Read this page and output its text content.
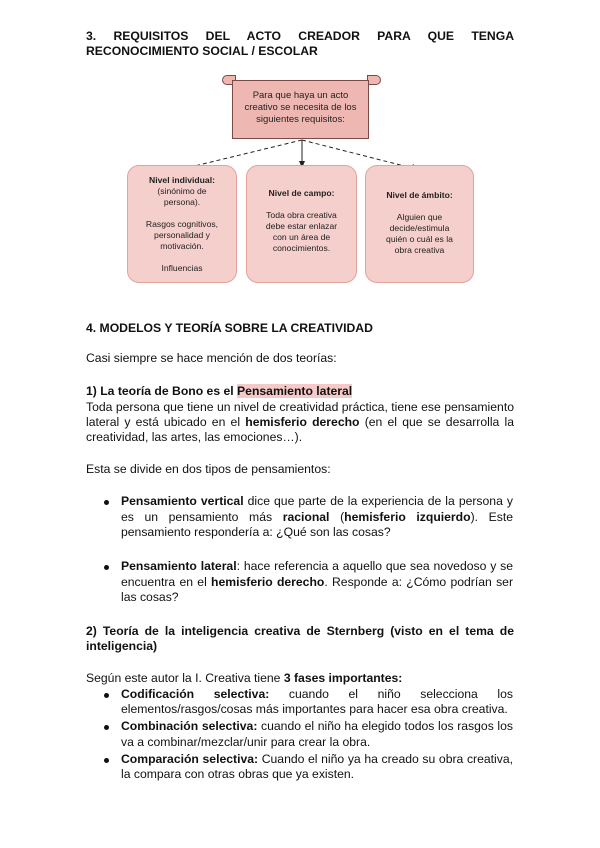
3. REQUISITOS DEL ACTO CREADOR PARA QUE TENGA
RECONOCIMIENTO SOCIAL / ESCOLAR
Para que haya un acto
creativo se necesita de los
siguientes requisitos:
Nivel individual:
(sinónimo de
persona).
Rasgos cognitivos,
personalidad y
motivación.
Influencias
Nivel de campo:
Toda obra creativa
debe estar enlazar
con un área de
conocimientos.
Nivel de ámbito:
Alguien que
decide/estimula
quién o cuál es la
obra creativa
4. MODELOS Y TEORÍA SOBRE LA CREATIVIDAD
Casi siempre se hace mención de dos teorías:
1) La teoría de Bono es el Pensamiento lateral
Toda persona que tiene un nivel de creatividad práctica, tiene ese pensamiento
lateral y está ubicado en el hemisferio derecho (en el que se desarrolla la
creatividad, las artes, las emociones…).
Esta se divide en dos tipos de pensamientos:
Pensamiento vertical dice que parte de la experiencia de la persona y
es un pensamiento más racional (hemisferio izquierdo). Este
pensamiento respondería a: ¿Qué son las cosas?
Pensamiento lateral: hace referencia a aquello que sea novedoso y se
encuentra en el hemisferio derecho. Responde a: ¿Cómo podrían ser
las cosas?
2) Teoría de la inteligencia creativa de Sternberg (visto en el tema de
inteligencia)
Según este autor la I. Creativa tiene 3 fases importantes:
Codificación selectiva: cuando el niño selecciona los
elementos/rasgos/cosas más importantes para hacer esa obra creativa.
Combinación selectiva: cuando el niño ha elegido todos los rasgos los
va a combinar/mezclar/unir para crear la obra.
Comparación selectiva: Cuando el niño ya ha creado su obra creativa,
la compara con otras obras que ya existen.
